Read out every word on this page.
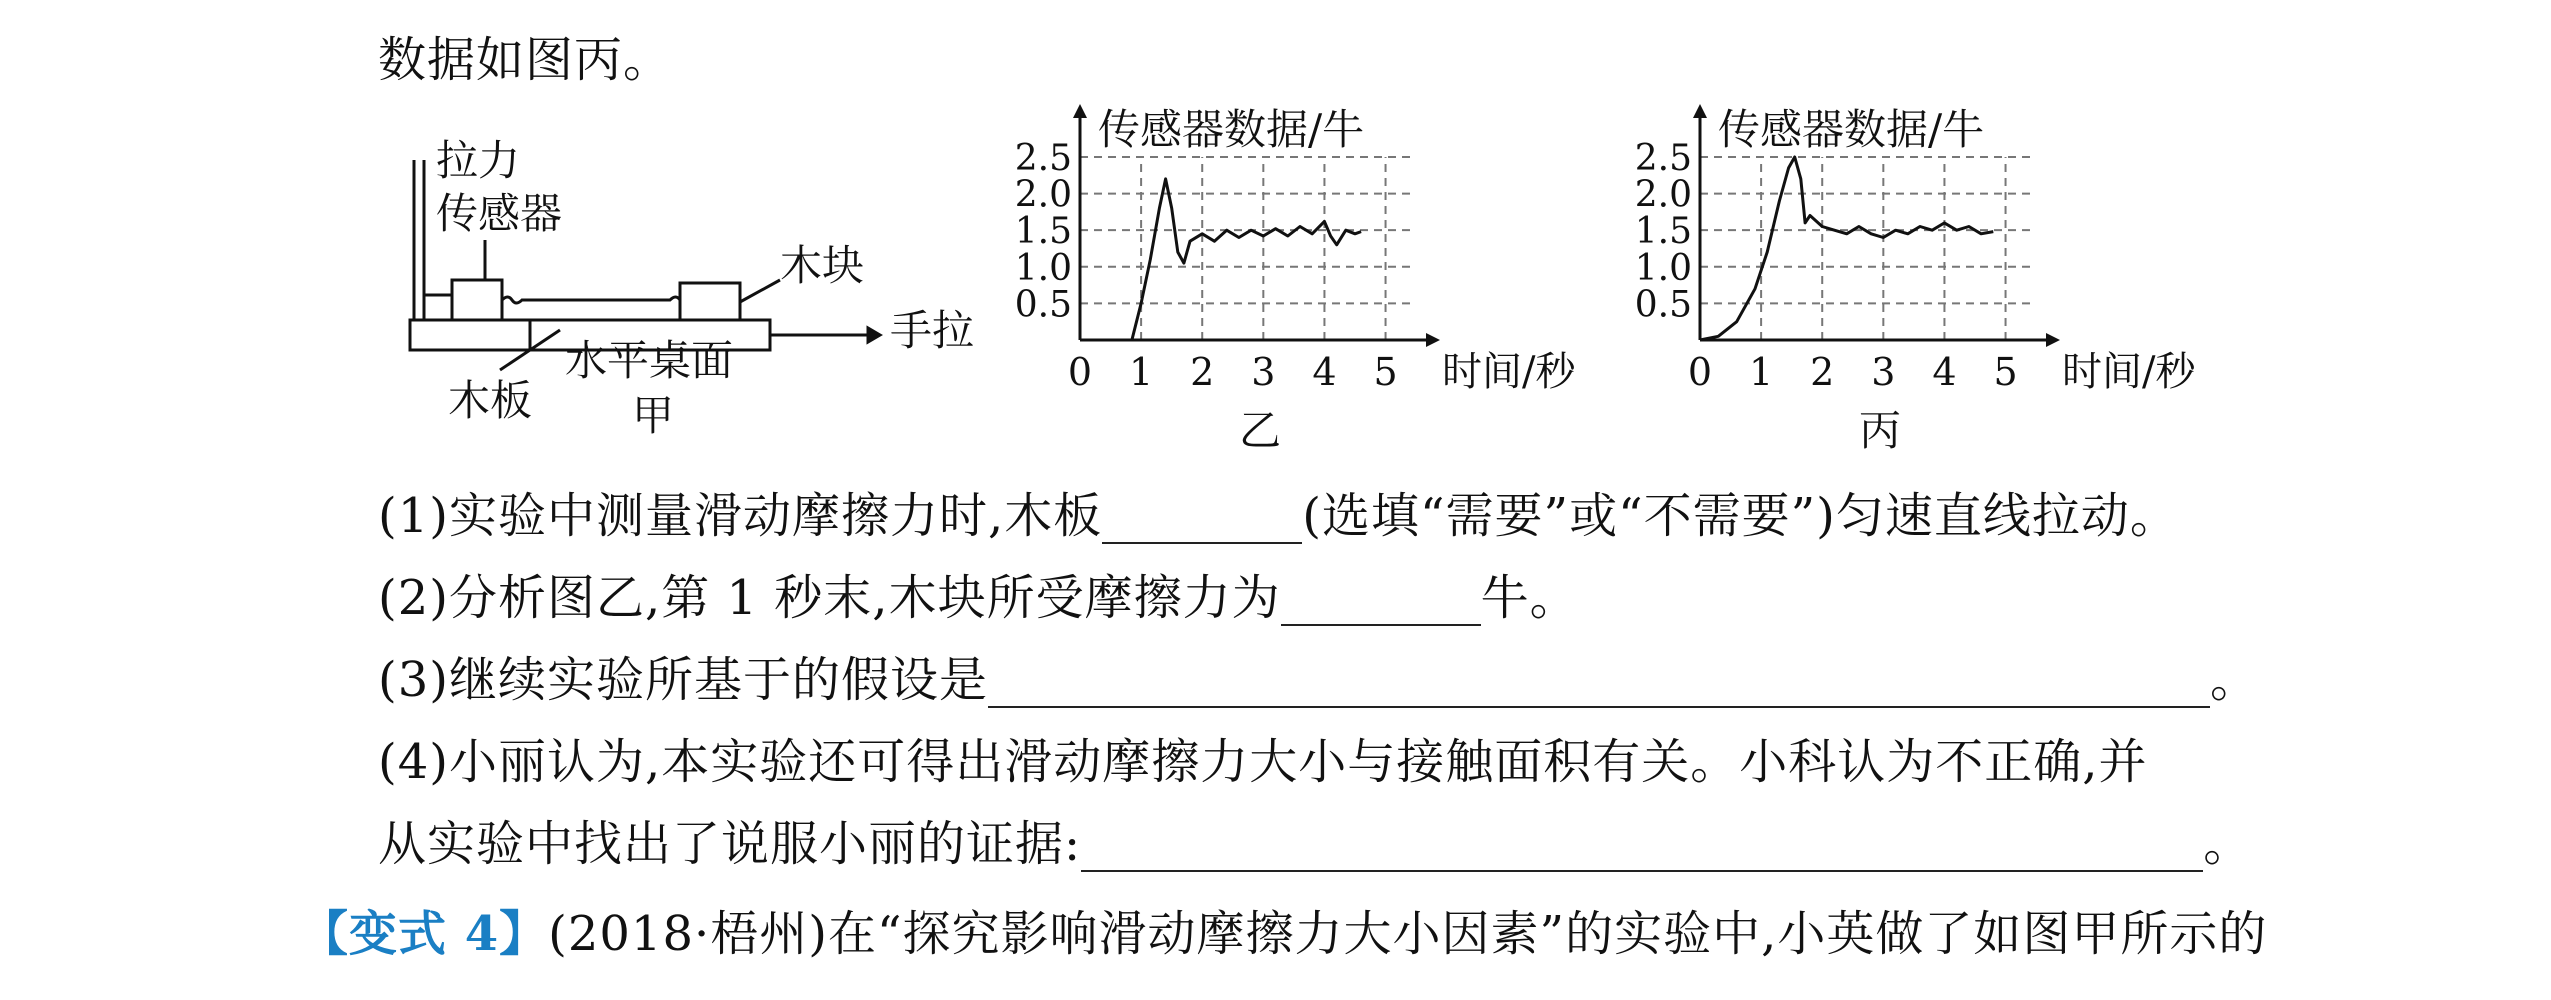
数据如图丙。
拉力
传感器
木块
手拉
木板
水平桌面
甲
0.5
1.0
1.5
2.0
2.5
0 1 2 3 4 5
传感器数据/牛
时间/秒
乙
0.5
1.0
1.5
2.0
2.5
0 1 2 3 4 5
传感器数据/牛
时间/秒
丙
(1)实验中测量滑动摩擦力时,木板	(选填“需要”或“不需要”)匀速直线拉动。
(2)分析图乙,第 1 秒末,木块所受摩擦力为	牛。
(3)继续实验所基于的假设是	。
(4)小丽认为,本实验还可得出滑动摩擦力大小与接触面积有关。小科认为不正确,并
从实验中找出了说服小丽的证据:	。
【变式 4】(2018·梧州)在“探究影响滑动摩擦力大小因素”的实验中,小英做了如图甲所示的
